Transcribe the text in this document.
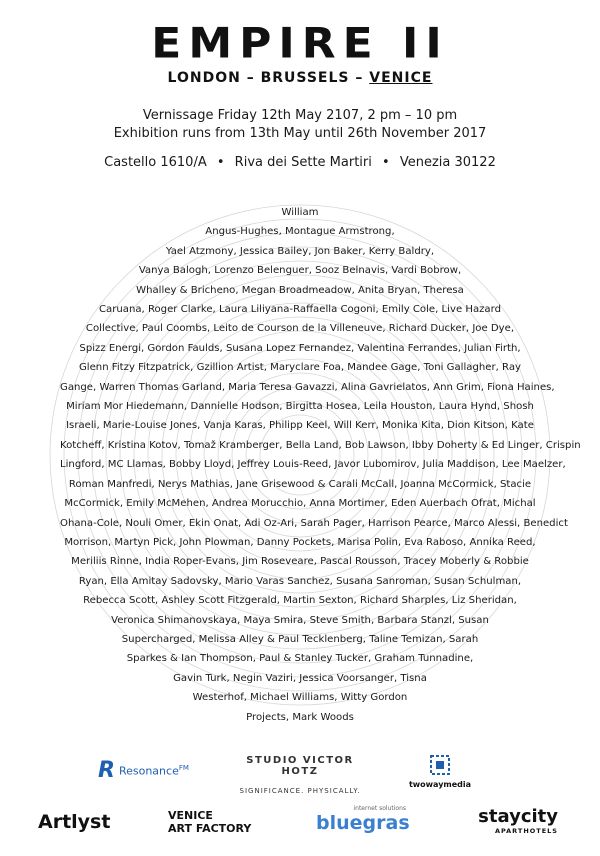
EMPIRE II
LONDON – BRUSSELS – VENICE
Vernissage Friday 12th May 2107, 2 pm – 10 pm
Exhibition runs from 13th May until 26th November 2017
Castello 1610/A • Riva dei Sette Martiri • Venezia 30122
William
Angus-Hughes, Montague Armstrong,
Yael Atzmony, Jessica Bailey, Jon Baker, Kerry Baldry,
Vanya Balogh, Lorenzo Belenguer, Sooz Belnavis, Vardi Bobrow,
Whalley & Bricheno, Megan Broadmeadow, Anita Bryan, Theresa
Caruana, Roger Clarke, Laura Liliyana-Raffaella Cogoni, Emily Cole, Live Hazard
Collective, Paul Coombs, Leito de Courson de la Villeneuve, Richard Ducker, Joe Dye,
Spizz Energi, Gordon Faulds, Susana Lopez Fernandez, Valentina Ferrandes, Julian Firth,
Glenn Fitzy Fitzpatrick, Gzillion Artist, Maryclare Foa, Mandee Gage, Toni Gallagher, Ray
Gange, Warren Thomas Garland, Maria Teresa Gavazzi, Alina Gavrielatos, Ann Grim, Fiona Haines,
Miriam Mor Hiedemann, Dannielle Hodson, Birgitta Hosea, Leila Houston, Laura Hynd, Shosh
Israeli, Marie-Louise Jones, Vanja Karas, Philipp Keel, Will Kerr, Monika Kita, Dion Kitson, Kate
Kotcheff, Kristina Kotov, Tomaž Kramberger, Bella Land, Bob Lawson, Ibby Doherty & Ed Linger, Crispin
Lingford, MC Llamas, Bobby Lloyd, Jeffrey Louis-Reed, Javor Lubomirov, Julia Maddison, Lee Maelzer,
Roman Manfredi, Nerys Mathias, Jane Grisewood & Carali McCall, Joanna McCormick, Stacie
McCormick, Emily McMehen, Andrea Morucchio, Anna Mortimer, Eden Auerbach Ofrat, Michal
Ohana-Cole, Nouli Omer, Ekin Onat, Adi Oz-Ari, Sarah Pager, Harrison Pearce, Marco Alessi, Benedict
Morrison, Martyn Pick, John Plowman, Danny Pockets, Marisa Polin, Eva Raboso, Annika Reed,
Meriliis Rinne, India Roper-Evans, Jim Roseveare, Pascal Rousson, Tracey Moberly & Robbie
Ryan, Ella Amitay Sadovsky, Mario Varas Sanchez, Susana Sanroman, Susan Schulman,
Rebecca Scott, Ashley Scott Fitzgerald, Martin Sexton, Richard Sharples, Liz Sheridan,
Veronica Shimanovskaya, Maya Smira, Steve Smith, Barbara Stanzl, Susan
Supercharged, Melissa Alley & Paul Tecklenberg, Taline Temizan, Sarah
Sparkes & Ian Thompson, Paul & Stanley Tucker, Graham Tunnadine,
Gavin Turk, Negin Vaziri, Jessica Voorsanger, Tisna
Westerhof, Michael Williams, Witty Gordon
Projects, Mark Woods
R Resonance$^{FM}$
STUDIO VICTOR HOTZ
SIGNIFICANCE. PHYSICALLY.
twowaymedia
Artlyst	VENICE
ART FACTORY
internet solutions
bluegras	staycity
APARTHOTELS
